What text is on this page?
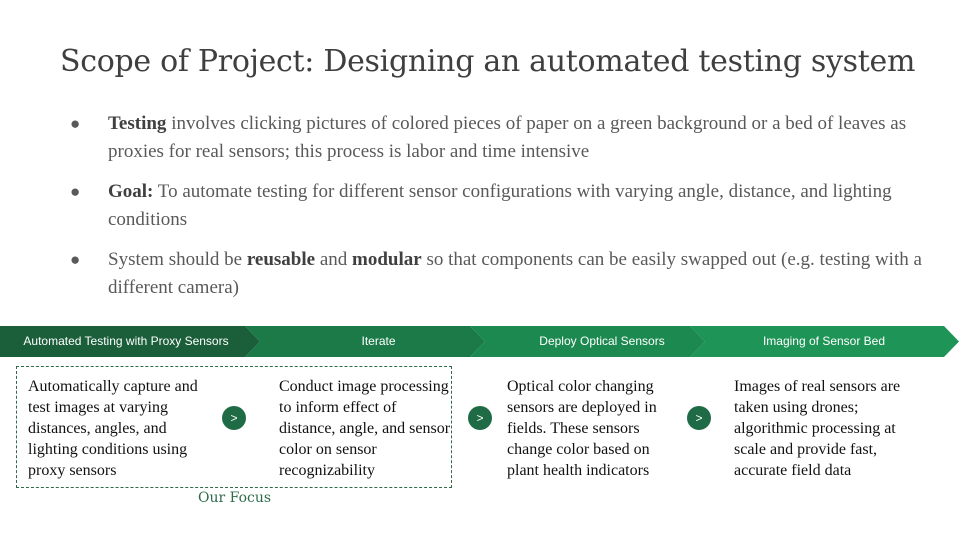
Scope of Project: Designing an automated testing system
● Testing involves clicking pictures of colored pieces of paper on a green background or a bed of leaves as proxies for real sensors; this process is labor and time intensive
● Goal: To automate testing for different sensor configurations with varying angle, distance, and lighting conditions
● System should be reusable and modular so that components can be easily swapped out (e.g. testing with a different camera)
Automated Testing with Proxy Sensors	Iterate	Deploy Optical Sensors	Imaging of Sensor Bed
Our Focus
Automatically capture and test images at varying distances, angles, and lighting conditions using proxy sensors
Conduct image processing to inform effect of distance, angle, and sensor color on sensor recognizability
Optical color changing sensors are deployed in fields. These sensors change color based on plant health indicators
Images of real sensors are taken using drones; algorithmic processing at scale and provide fast, accurate field data
>	>	>
